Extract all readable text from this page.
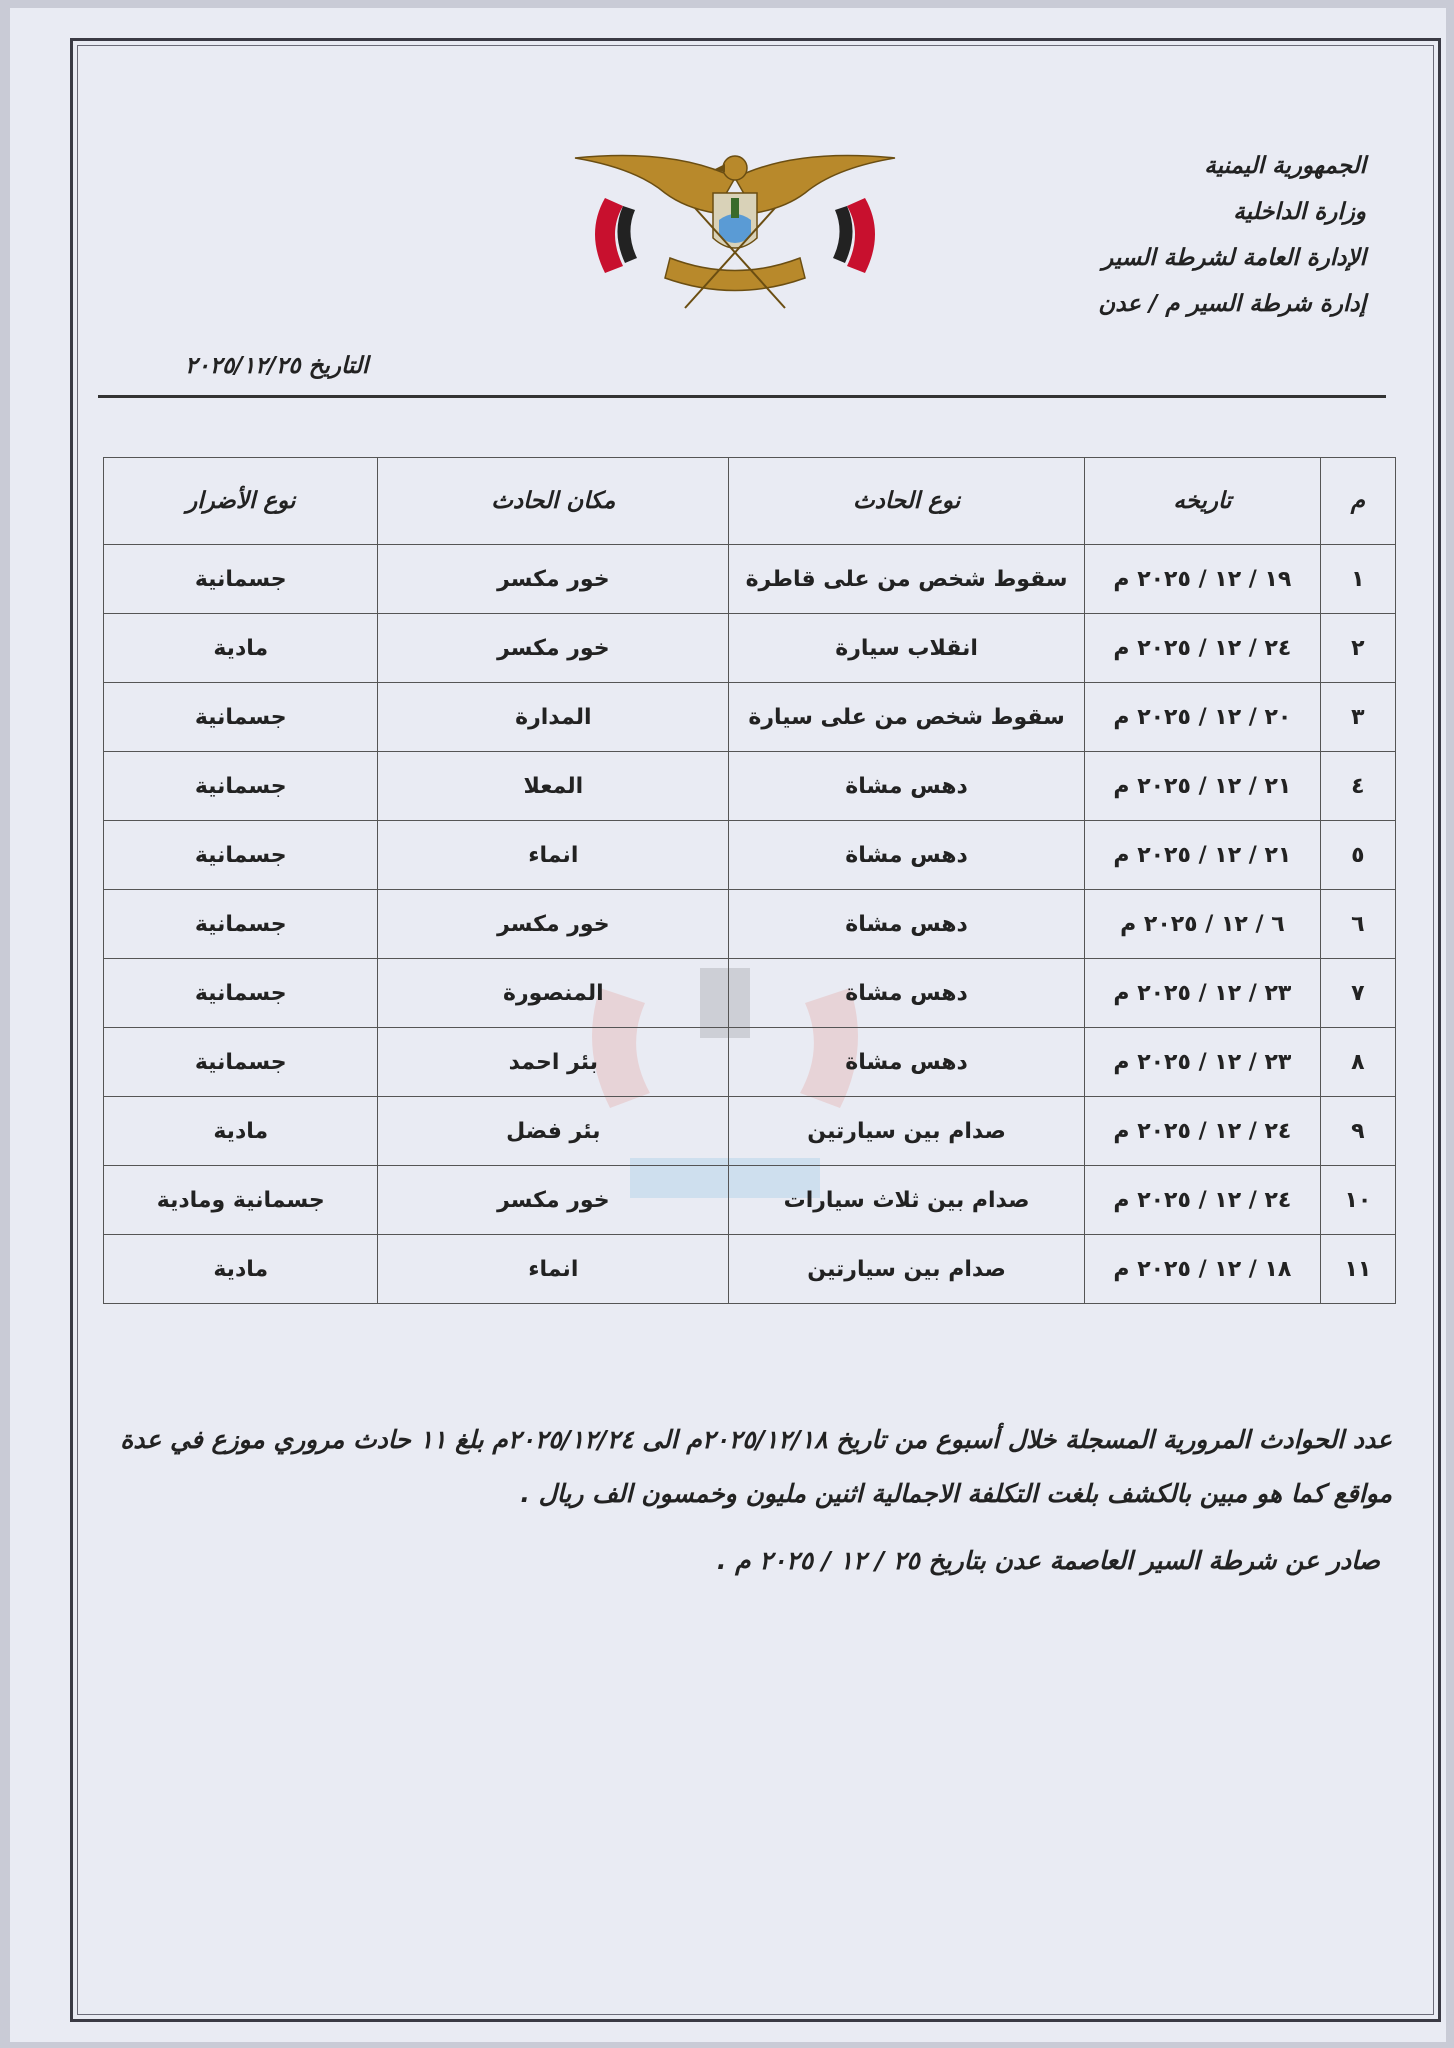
الجمهورية اليمنية
وزارة الداخلية
الإدارة العامة لشرطة السير
إدارة شرطة السير م / عدن
التاريخ ٢٠٢٥/١٢/٢٥
م	تاريخه	نوع الحادث	مكان الحادث	نوع الأضرار
١	١٩ / ١٢ / ٢٠٢٥ م	سقوط شخص من على قاطرة	خور مكسر	جسمانية
٢	٢٤ / ١٢ / ٢٠٢٥ م	انقلاب سيارة	خور مكسر	مادية
٣	٢٠ / ١٢ / ٢٠٢٥ م	سقوط شخص من على سيارة	المدارة	جسمانية
٤	٢١ / ١٢ / ٢٠٢٥ م	دهس مشاة	المعلا	جسمانية
٥	٢١ / ١٢ / ٢٠٢٥ م	دهس مشاة	انماء	جسمانية
٦	٦ / ١٢ / ٢٠٢٥ م	دهس مشاة	خور مكسر	جسمانية
٧	٢٣ / ١٢ / ٢٠٢٥ م	دهس مشاة	المنصورة	جسمانية
٨	٢٣ / ١٢ / ٢٠٢٥ م	دهس مشاة	بئر احمد	جسمانية
٩	٢٤ / ١٢ / ٢٠٢٥ م	صدام بين سيارتين	بئر فضل	مادية
١٠	٢٤ / ١٢ / ٢٠٢٥ م	صدام بين ثلاث سيارات	خور مكسر	جسمانية ومادية
١١	١٨ / ١٢ / ٢٠٢٥ م	صدام بين سيارتين	انماء	مادية
عدد الحوادث المرورية المسجلة خلال أسبوع من تاريخ ٢٠٢٥/١٢/١٨م الى ٢٠٢٥/١٢/٢٤م بلغ ١١ حادث مروري موزع في عدة
مواقع كما هو مبين بالكشف بلغت التكلفة الاجمالية اثنين مليون وخمسون الف ريال .
صادر عن شرطة السير العاصمة عدن بتاريخ ٢٥ / ١٢ / ٢٠٢٥ م .
